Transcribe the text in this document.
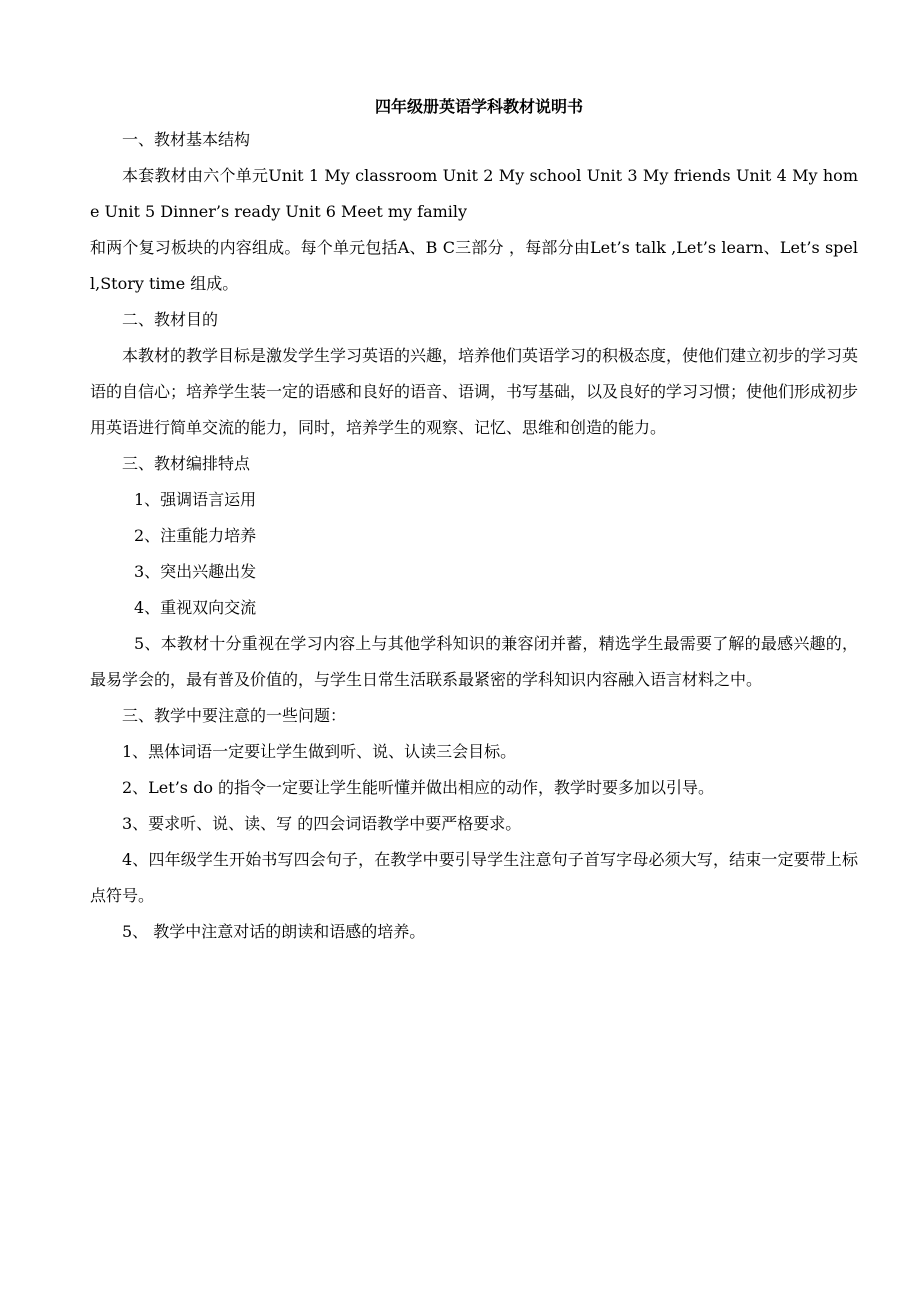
四年级册英语学科教材说明书

一、教材基本结构

本套教材由六个单元Unit 1 My classroom Unit 2 My school Unit 3 My friends Unit 4 My home Unit 5 Dinner’s ready Unit 6 Meet my family

和两个复习板块的内容组成。每个单元包括A、B C三部分 ，每部分由Let’s talk ,Let’s learn、Let’s spell,Story time 组成。

二、教材目的

本教材的教学目标是激发学生学习英语的兴趣，培养他们英语学习的积极态度，使他们建立初步的学习英语的自信心；培养学生装一定的语感和良好的语音、语调，书写基础，以及良好的学习习惯；使他们形成初步用英语进行简单交流的能力，同时，培养学生的观察、记忆、思维和创造的能力。

三、教材编排特点

1、强调语言运用

2、注重能力培养

3、突出兴趣出发

4、重视双向交流

5、本教材十分重视在学习内容上与其他学科知识的兼容闭并蓄，精选学生最需要了解的最感兴趣的，最易学会的，最有普及价值的，与学生日常生活联系最紧密的学科知识内容融入语言材料之中。

三、教学中要注意的一些问题：

1、黑体词语一定要让学生做到听、说、认读三会目标。

2、Let’s do 的指令一定要让学生能听懂并做出相应的动作，教学时要多加以引导。

3、要求听、说、读、写 的四会词语教学中要严格要求。

4、四年级学生开始书写四会句子，在教学中要引导学生注意句子首写字母必须大写，结束一定要带上标点符号。

5、 教学中注意对话的朗读和语感的培养。
